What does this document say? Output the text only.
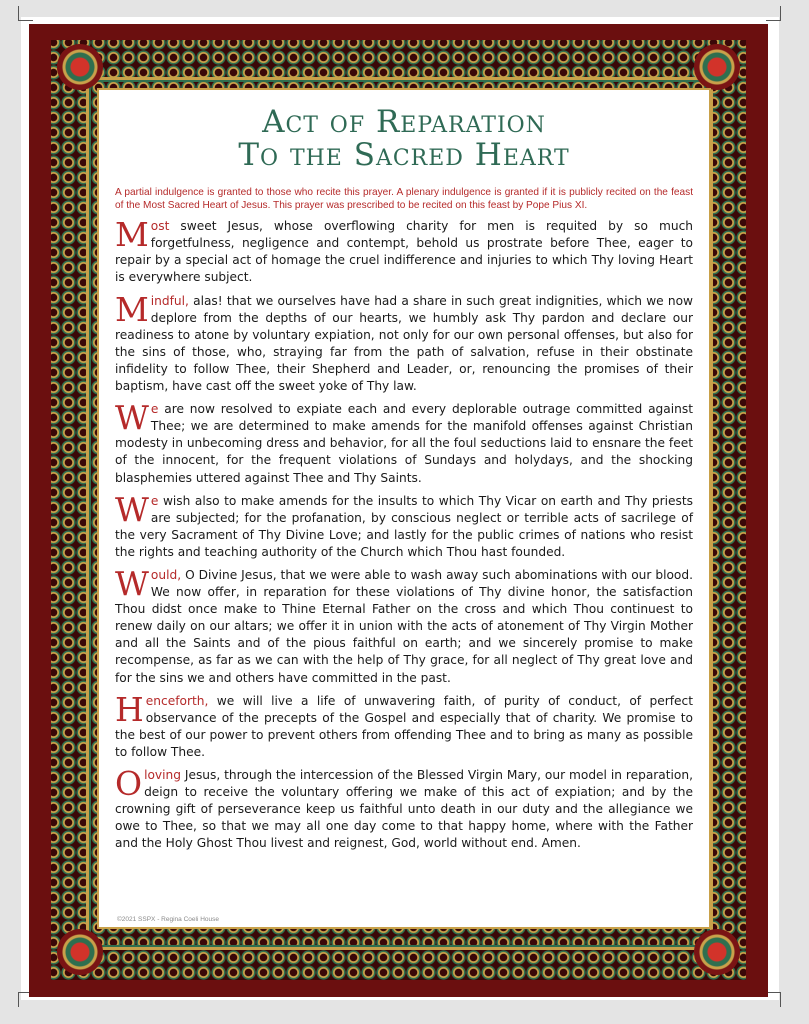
Act of Reparation
To the Sacred Heart

A partial indulgence is granted to those who recite this prayer. A plenary indulgence is granted if it is publicly recited on the feast of the Most Sacred Heart of Jesus. This prayer was prescribed to be recited on this feast by Pope Pius XI.

Most sweet Jesus, whose overflowing charity for men is requited by so much forgetfulness, negligence and contempt, behold us prostrate before Thee, eager to repair by a special act of homage the cruel indifference and injuries to which Thy loving Heart is everywhere subject.

Mindful, alas! that we ourselves have had a share in such great indignities, which we now deplore from the depths of our hearts, we humbly ask Thy pardon and declare our readiness to atone by voluntary expiation, not only for our own personal offenses, but also for the sins of those, who, straying far from the path of salvation, refuse in their obstinate infidelity to follow Thee, their Shepherd and Leader, or, renouncing the promises of their baptism, have cast off the sweet yoke of Thy law.

We are now resolved to expiate each and every deplorable outrage committed against Thee; we are determined to make amends for the manifold offenses against Christian modesty in unbecoming dress and behavior, for all the foul seductions laid to ensnare the feet of the innocent, for the frequent violations of Sundays and holydays, and the shocking blasphemies uttered against Thee and Thy Saints.

We wish also to make amends for the insults to which Thy Vicar on earth and Thy priests are subjected; for the profanation, by conscious neglect or terrible acts of sacrilege of the very Sacrament of Thy Divine Love; and lastly for the public crimes of nations who resist the rights and teaching authority of the Church which Thou hast founded.

Would, O Divine Jesus, that we were able to wash away such abominations with our blood. We now offer, in reparation for these violations of Thy divine honor, the satisfaction Thou didst once make to Thine Eternal Father on the cross and which Thou continuest to renew daily on our altars; we offer it in union with the acts of atonement of Thy Virgin Mother and all the Saints and of the pious faithful on earth; and we sincerely promise to make recompense, as far as we can with the help of Thy grace, for all neglect of Thy great love and for the sins we and others have committed in the past.

Henceforth, we will live a life of unwavering faith, of purity of conduct, of perfect observance of the precepts of the Gospel and especially that of charity. We promise to the best of our power to prevent others from offending Thee and to bring as many as possible to follow Thee.

Oloving Jesus, through the intercession of the Blessed Virgin Mary, our model in reparation, deign to receive the voluntary offering we make of this act of expiation; and by the crowning gift of perseverance keep us faithful unto death in our duty and the allegiance we owe to Thee, so that we may all one day come to that happy home, where with the Father and the Holy Ghost Thou livest and reignest, God, world without end. Amen.

©2021 SSPX - Regina Coeli House
